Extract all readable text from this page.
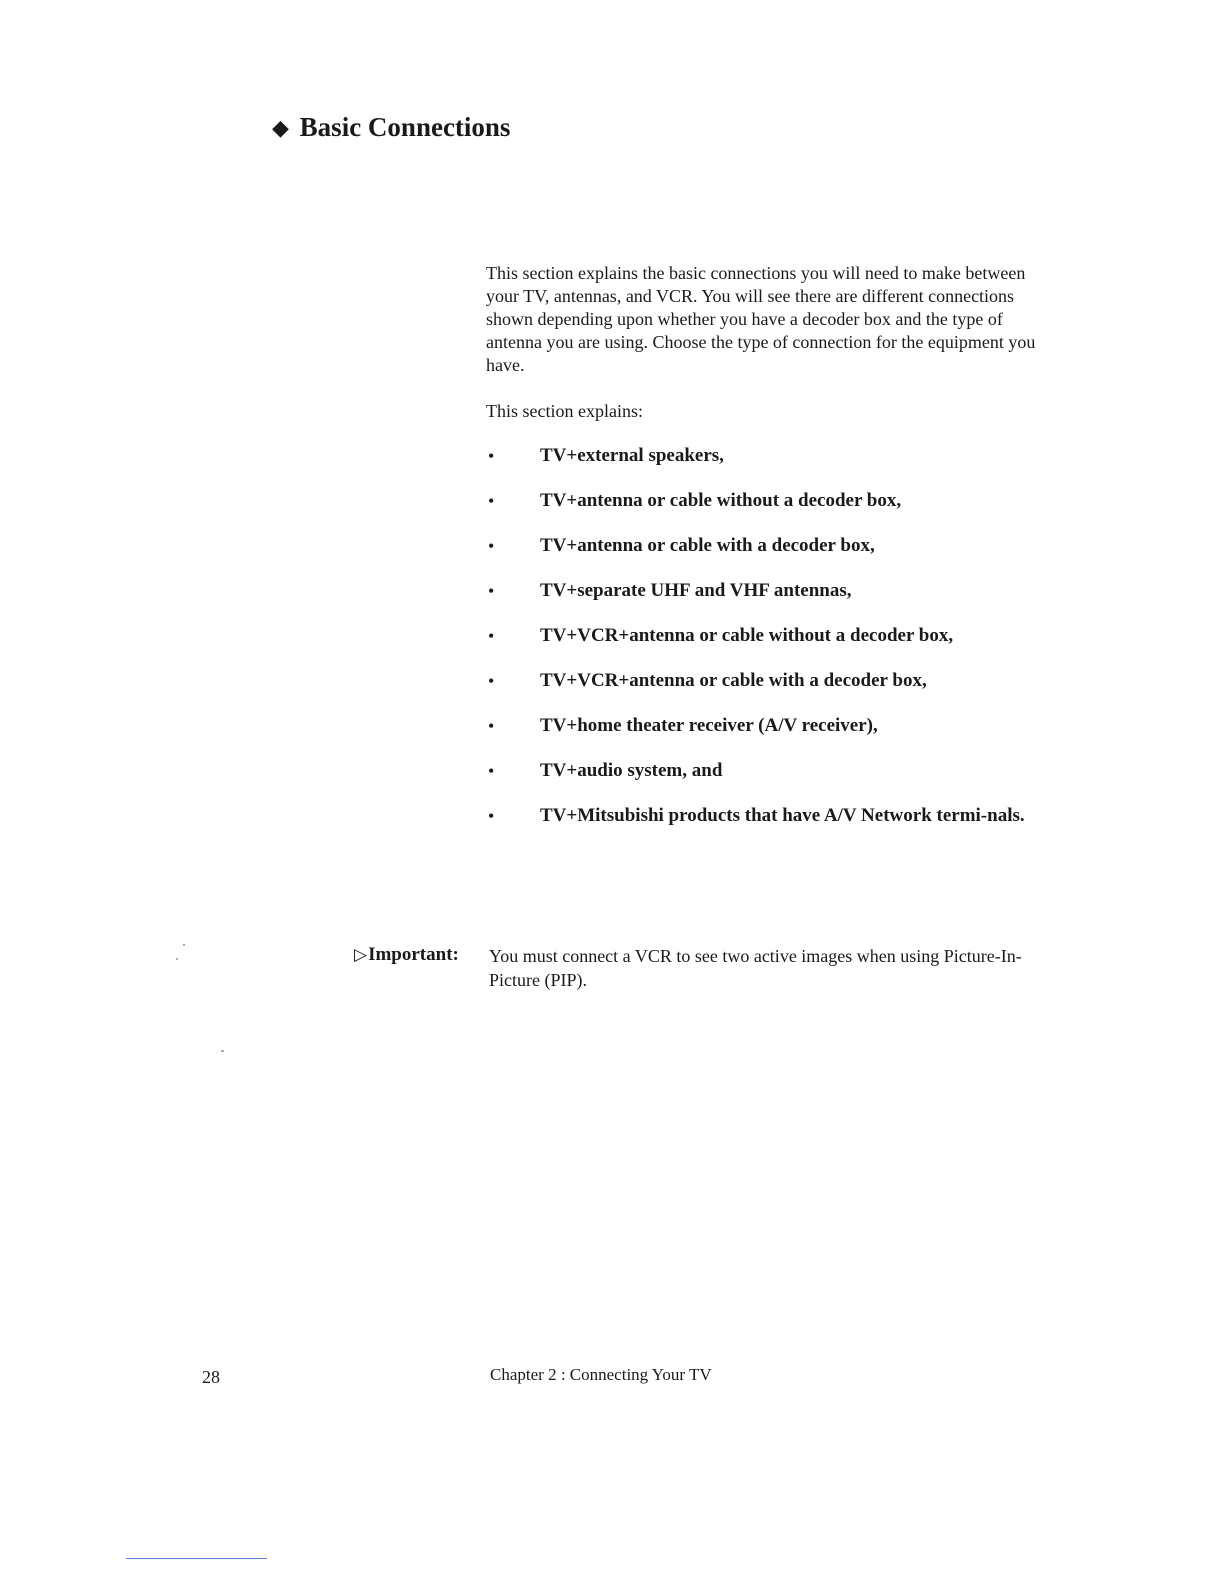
◆ Basic Connections

This section explains the basic connections you will need to make between your TV, antennas, and VCR. You will see there are different connections shown depending upon whether you have a decoder box and the type of antenna you are using. Choose the type of connection for the equipment you have.

This section explains:

• TV+external speakers,
• TV+antenna or cable without a decoder box,
• TV+antenna or cable with a decoder box,
• TV+separate UHF and VHF antennas,
• TV+VCR+antenna or cable without a decoder box,
• TV+VCR+antenna or cable with a decoder box,
• TV+home theater receiver (A/V receiver),
• TV+audio system, and
• TV+Mitsubishi products that have A/V Network termi-nals.
▷Important: You must connect a VCR to see two active images when using Picture-In-Picture (PIP).

28	Chapter 2 : Connecting Your TV
